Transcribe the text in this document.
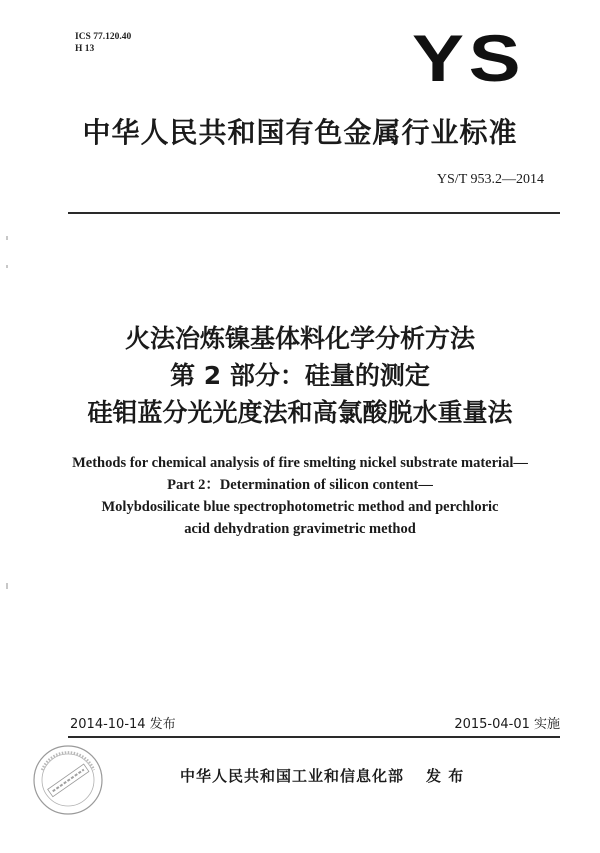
ICS 77.120.40
H 13	YS
中华人民共和国有色金属行业标准
YS/T 953.2—2014
火法冶炼镍基体料化学分析方法
第 2 部分：硅量的测定
硅钼蓝分光光度法和高氯酸脱水重量法
Methods for chemical analysis of fire smelting nickel substrate material—
Part 2：Determination of silicon content—
Molybdosilicate blue spectrophotometric method and perchloric
acid dehydration gravimetric method
2014-10-14 发布	2015-04-01 实施
中华人民共和国工业和信息化部 发 布
